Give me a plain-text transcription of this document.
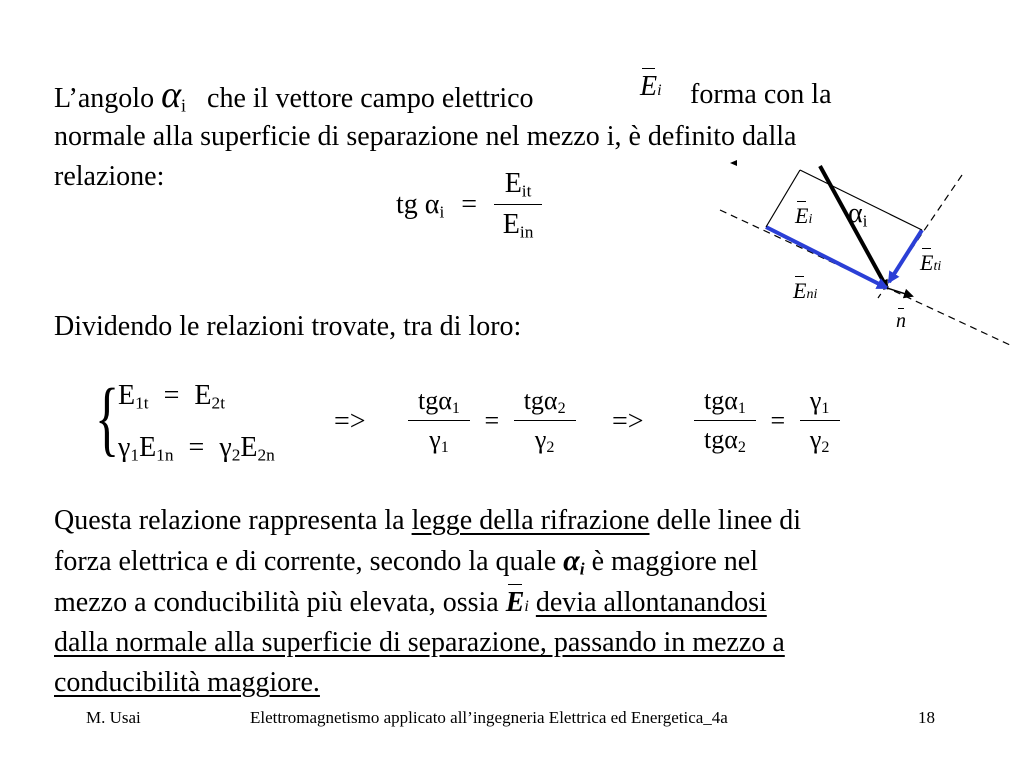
L’angolo $\alpha_i$ che il vettore campo elettrico	Ei forma con la
normale alla superficie di separazione nel mezzo i, è definito dalla
relazione:
tg $\alpha_i = \frac{E_{it}}{E_{in}}$	Ei $\alpha_i$
Eti
Eni
n
Dividendo le relazioni trovate, tra di loro:
{
$E_{1t} = E_{2t}$
$\gamma_1E_{1n} = \gamma_2E_{2n}$
=> $\frac{tg\alpha_1}{\gamma_1} = \frac{tg\alpha_2}{\gamma_2} => \frac{tg\alpha_1}{tg\alpha_2} = \frac{\gamma_1}{\gamma_2}$
Questa relazione rappresenta la legge della rifrazione delle linee di
forza elettrica e di corrente, secondo la quale $\alpha_i$ è maggiore nel
mezzo a conducibilità più elevata, ossia Ei devia allontanandosi
dalla normale alla superficie di separazione, passando in mezzo a
conducibilità maggiore.
M. Usai	Elettromagnetismo applicato all’ingegneria Elettrica ed Energetica_4a	18
